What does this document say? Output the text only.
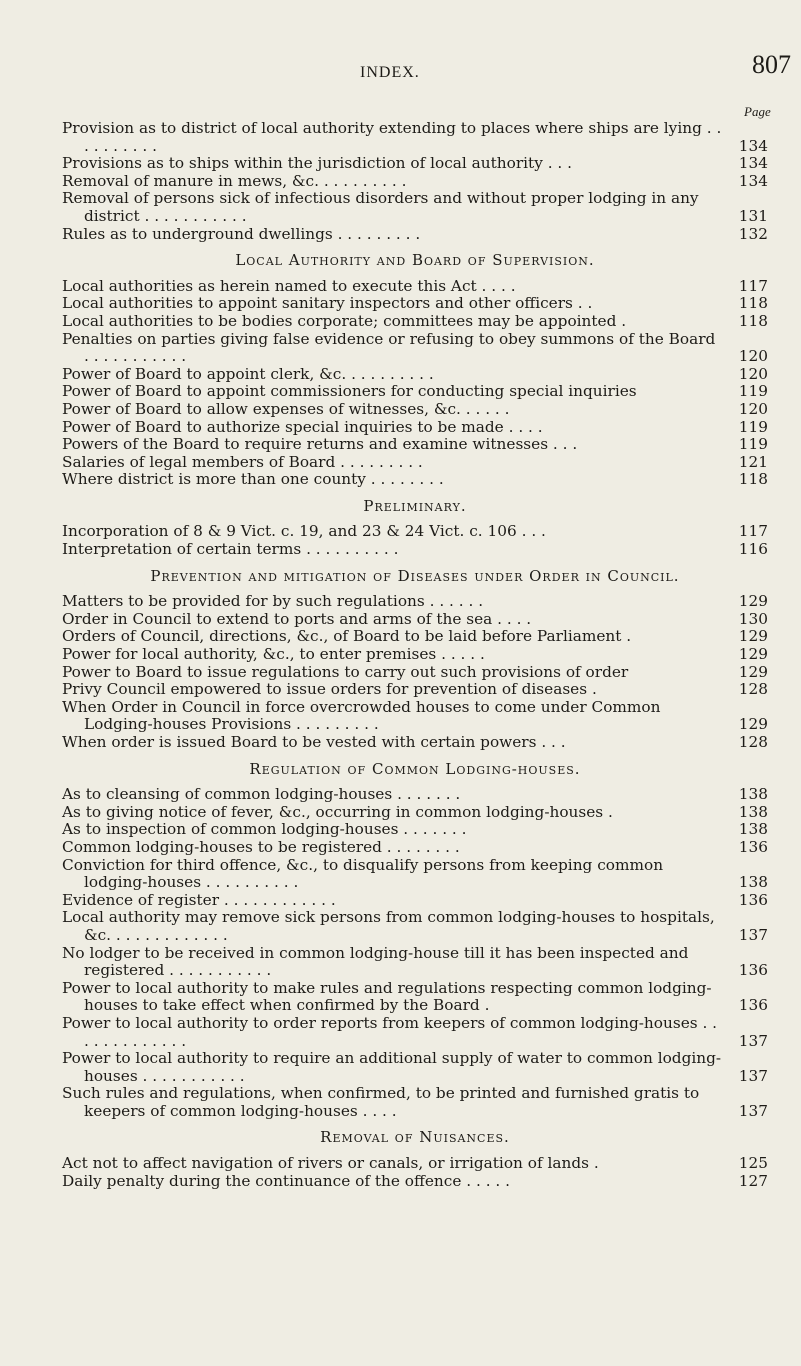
INDEX.	807
Page
Provision as to district of local authority extending to places where ships are lying . . . . . . . . . .	134
Provisions as to ships within the jurisdiction of local authority . . .	134
Removal of manure in mews, &c. . . . . . . . . .	134
Removal of persons sick of infectious disorders and without proper lodging in any district . . . . . . . . . . .	131
Rules as to underground dwellings . . . . . . . . .	132
Local Authority and Board of Supervision.
Local authorities as herein named to execute this Act . . . .	117
Local authorities to appoint sanitary inspectors and other officers . .	118
Local authorities to be bodies corporate; committees may be appointed .	118
Penalties on parties giving false evidence or refusing to obey summons of the Board . . . . . . . . . . .	120
Power of Board to appoint clerk, &c. . . . . . . . . .	120
Power of Board to appoint commissioners for conducting special inquiries	119
Power of Board to allow expenses of witnesses, &c. . . . . .	120
Power of Board to authorize special inquiries to be made . . . .	119
Powers of the Board to require returns and examine witnesses . . .	119
Salaries of legal members of Board . . . . . . . . .	121
Where district is more than one county . . . . . . . .	118
Preliminary.
Incorporation of 8 & 9 Vict. c. 19, and 23 & 24 Vict. c. 106 . . .	117
Interpretation of certain terms . . . . . . . . . .	116
Prevention and mitigation of Diseases under Order in Council.
Matters to be provided for by such regulations . . . . . .	129
Order in Council to extend to ports and arms of the sea . . . .	130
Orders of Council, directions, &c., of Board to be laid before Parliament .	129
Power for local authority, &c., to enter premises . . . . .	129
Power to Board to issue regulations to carry out such provisions of order	129
Privy Council empowered to issue orders for prevention of diseases .	128
When Order in Council in force overcrowded houses to come under Common Lodging-houses Provisions . . . . . . . . .	129
When order is issued Board to be vested with certain powers . . .	128
Regulation of Common Lodging-houses.
As to cleansing of common lodging-houses . . . . . . .	138
As to giving notice of fever, &c., occurring in common lodging-houses .	138
As to inspection of common lodging-houses . . . . . . .	138
Common lodging-houses to be registered . . . . . . . .	136
Conviction for third offence, &c., to disqualify persons from keeping common lodging-houses . . . . . . . . . .	138
Evidence of register . . . . . . . . . . . .	136
Local authority may remove sick persons from common lodging-houses to hospitals, &c. . . . . . . . . . . . .	137
No lodger to be received in common lodging-house till it has been inspected and registered . . . . . . . . . . .	136
Power to local authority to make rules and regulations respecting common lodging-houses to take effect when confirmed by the Board .	136
Power to local authority to order reports from keepers of common lodging-houses . . . . . . . . . . . . .	137
Power to local authority to require an additional supply of water to common lodging-houses . . . . . . . . . . .	137
Such rules and regulations, when confirmed, to be printed and furnished gratis to keepers of common lodging-houses . . . .	137
Removal of Nuisances.
Act not to affect navigation of rivers or canals, or irrigation of lands .	125
Daily penalty during the continuance of the offence . . . . .	127
